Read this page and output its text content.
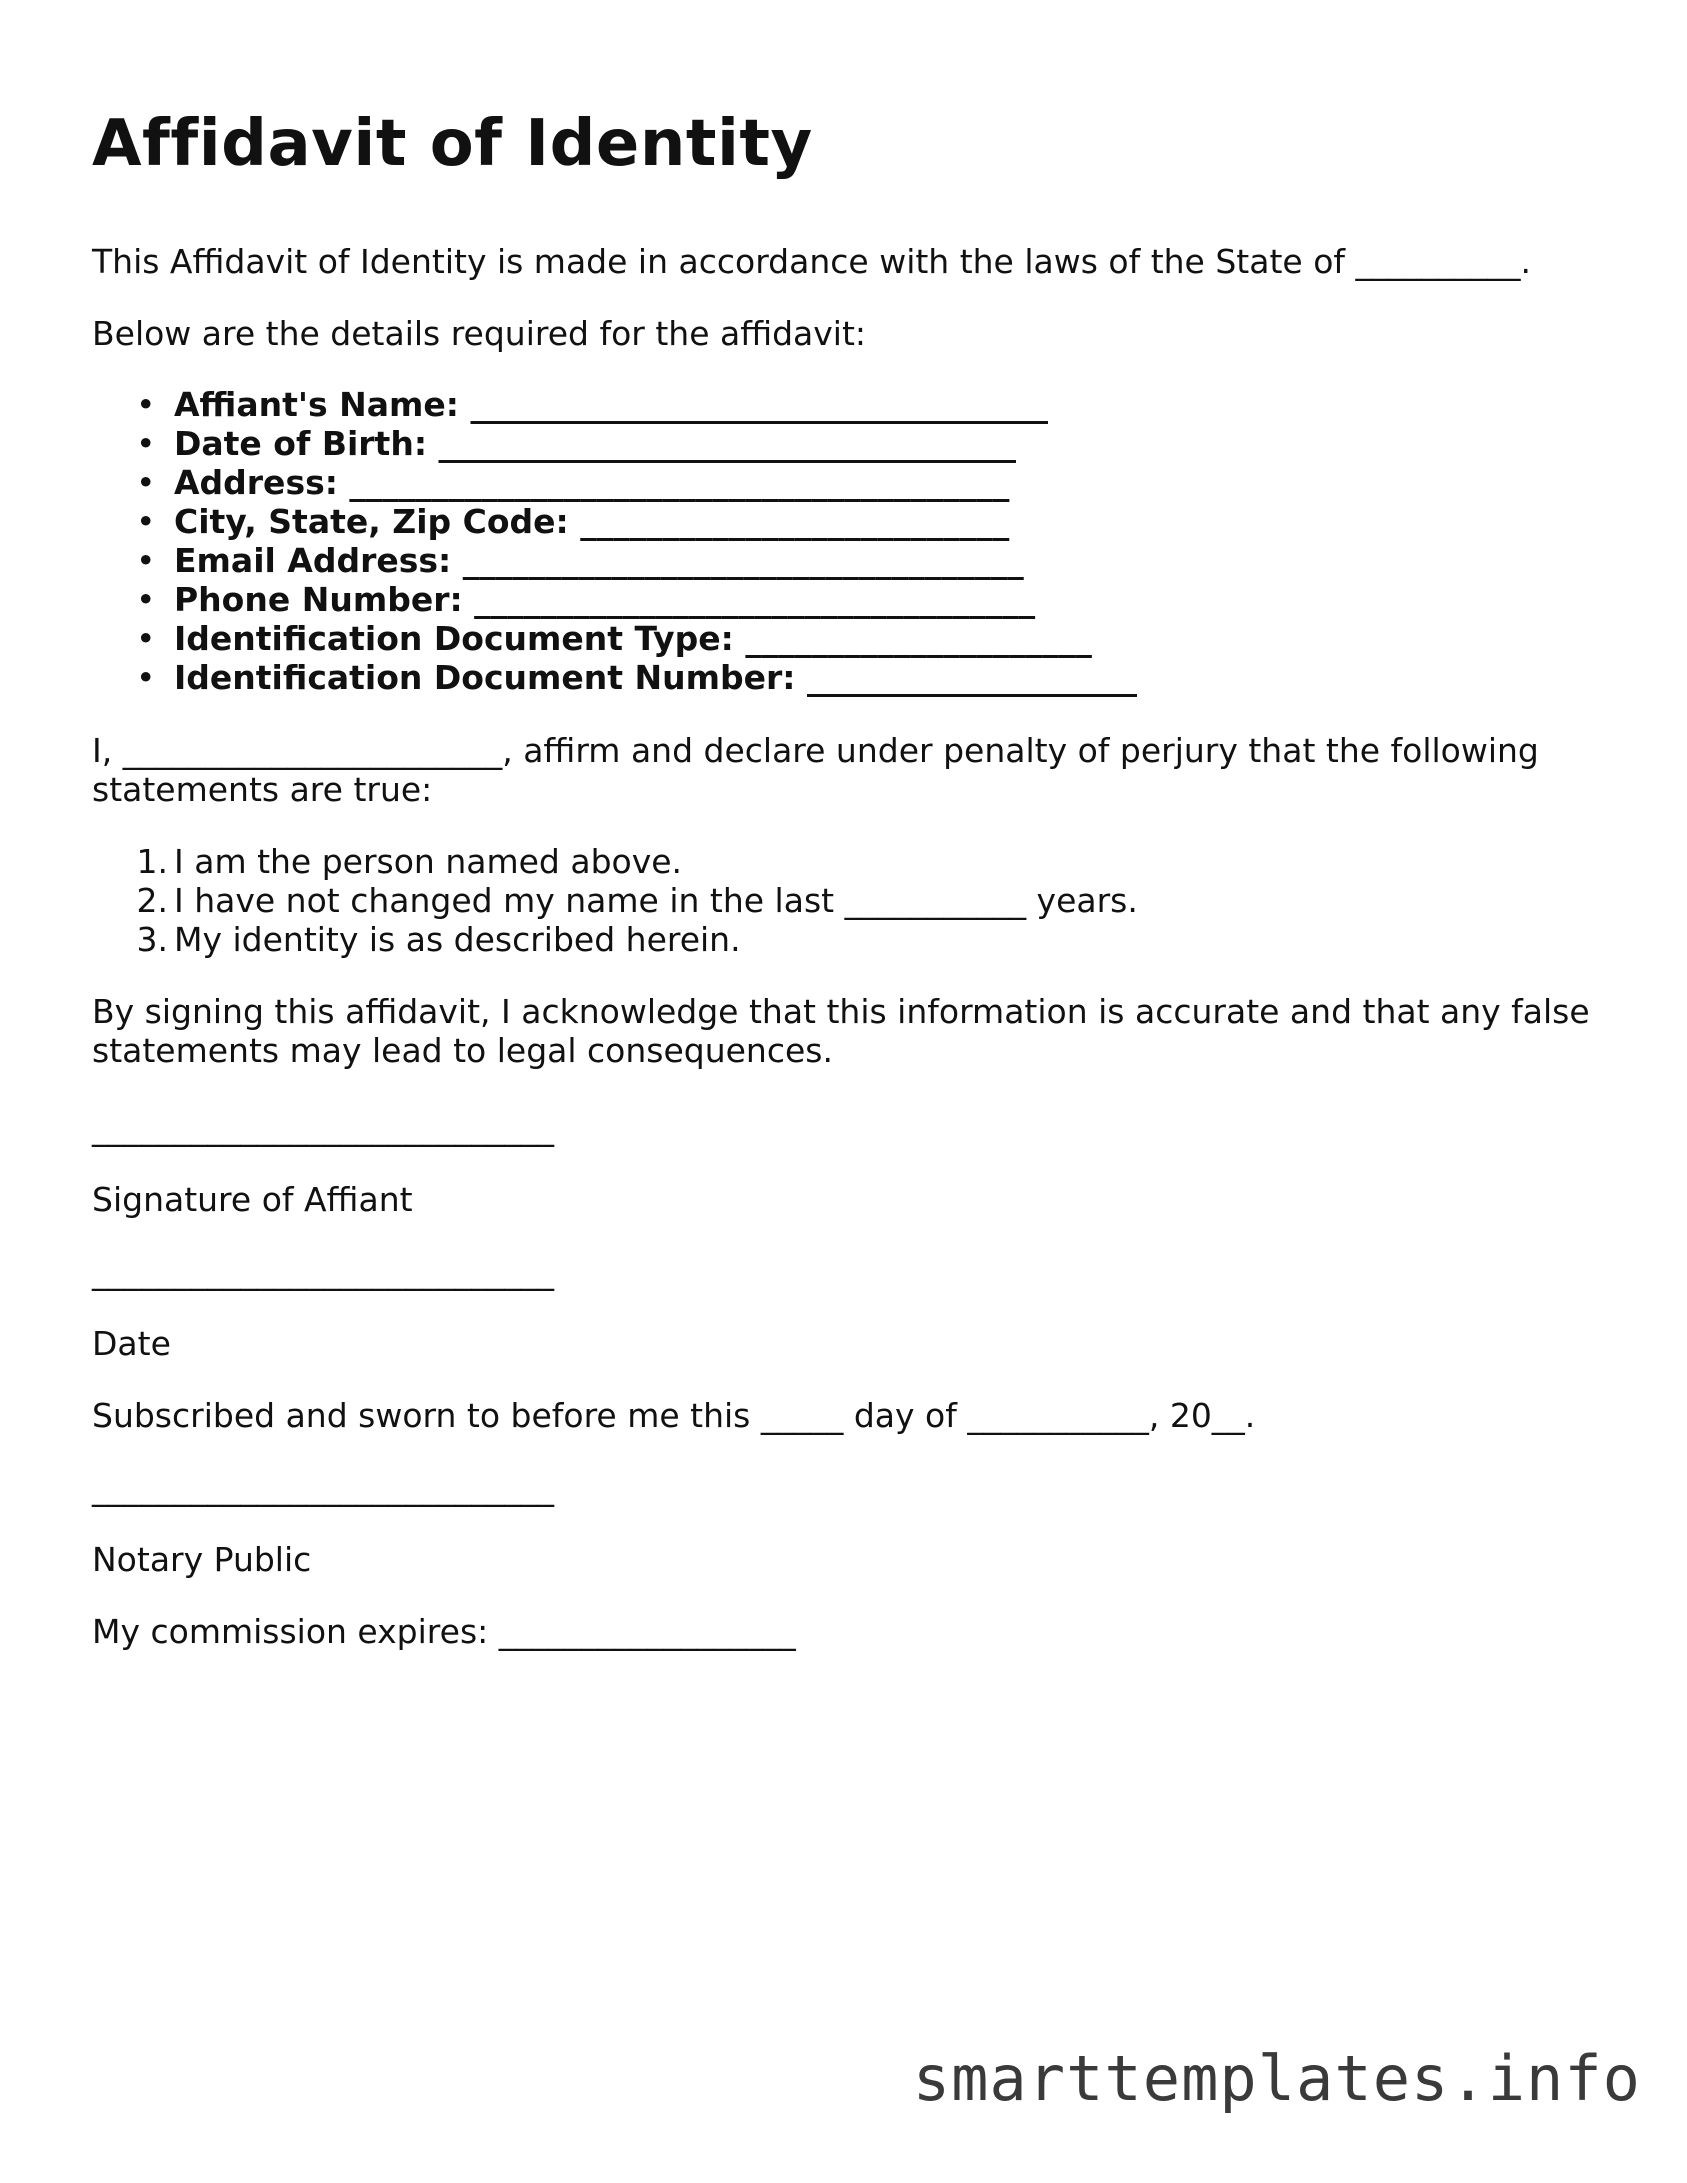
Affidavit of Identity

This Affidavit of Identity is made in accordance with the laws of the State of __________.

Below are the details required for the affidavit:

• Affiant's Name: ___________________________________
• Date of Birth: ___________________________________
• Address: ________________________________________
• City, State, Zip Code: __________________________
• Email Address: __________________________________
• Phone Number: __________________________________
• Identification Document Type: _____________________
• Identification Document Number: ____________________

I, _______________________, affirm and declare under penalty of perjury that the following statements are true:

1. I am the person named above.
2. I have not changed my name in the last ___________ years.
3. My identity is as described herein.

By signing this affidavit, I acknowledge that this information is accurate and that any false statements may lead to legal consequences.

____________________________

Signature of Affiant

____________________________

Date

Subscribed and sworn to before me this _____ day of ___________, 20__.

____________________________

Notary Public

My commission expires: __________________

smarttemplates.info
